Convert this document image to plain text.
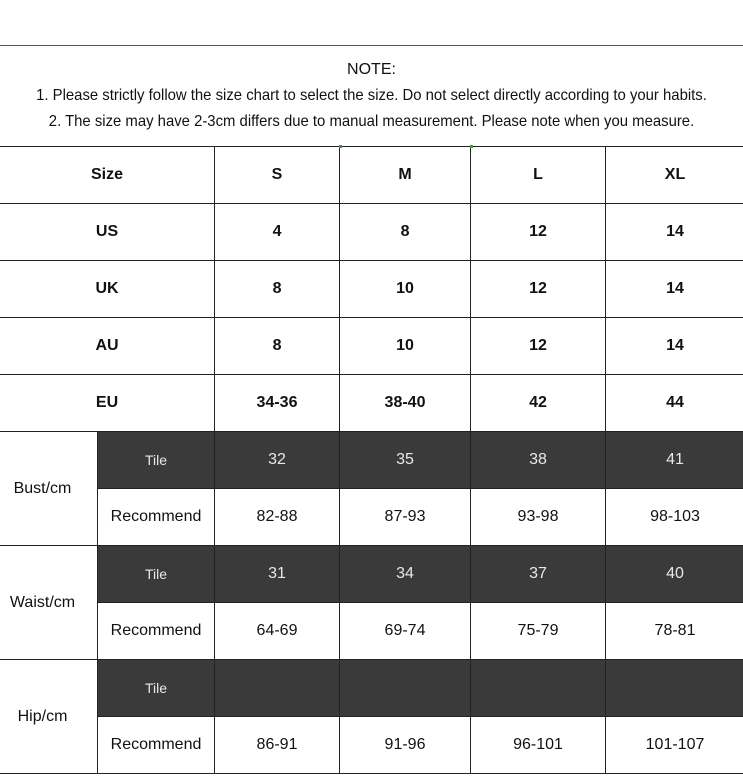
NOTE:
1. Please strictly follow the size chart to select the size. Do not select directly according to your habits.
2. The size may have 2-3cm differs due to manual measurement. Please note when you measure.
Size		S	M	L	XL
US		4	8	12	14
UK		8	10	12	14
AU		8	10	12	14
EU		34-36	38-40	42	44
Bust/cm	Tile	32	35	38	41
	Recommend	82-88	87-93	93-98	98-103
Waist/cm	Tile	31	34	37	40
	Recommend	64-69	69-74	75-79	78-81
Hip/cm	Tile				
	Recommend	86-91	91-96	96-101	101-107
